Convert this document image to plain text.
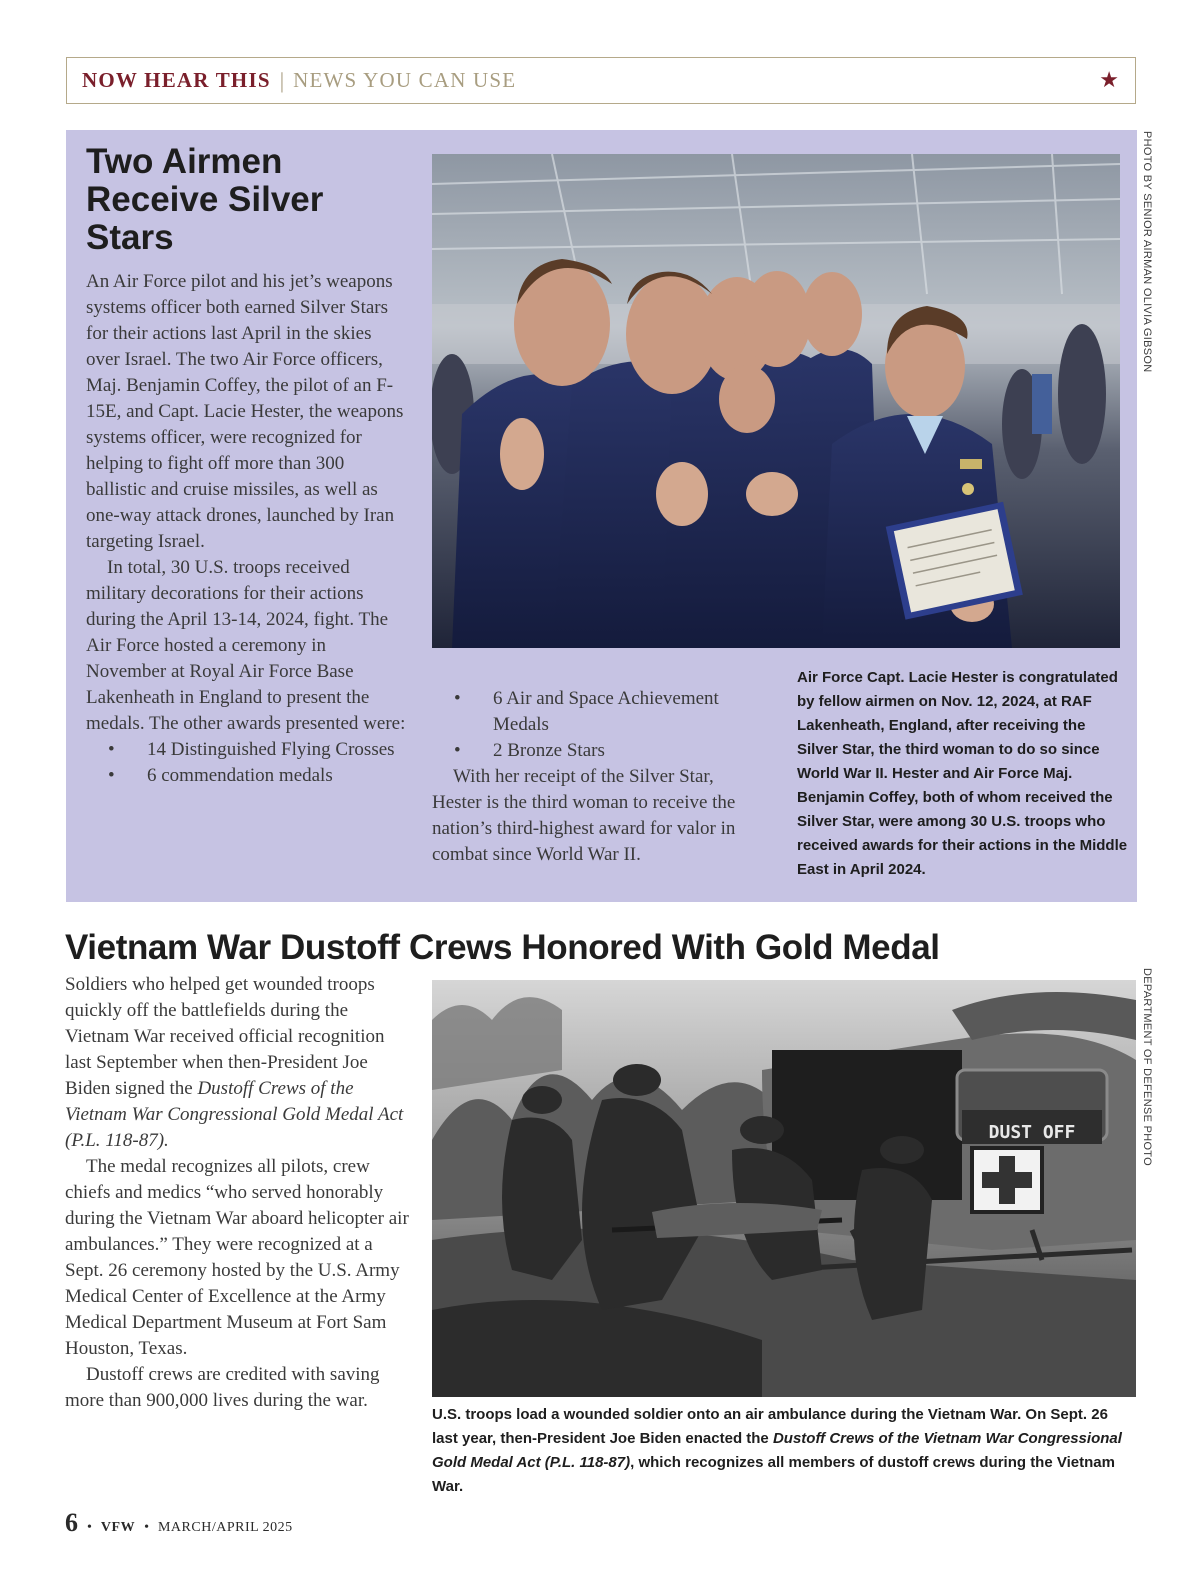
NOW HEAR THIS | NEWS YOU CAN USE	★
Two Airmen Receive Silver Stars

An Air Force pilot and his jet’s weapons systems officer both earned Silver Stars for their actions last April in the skies over Israel. The two Air Force officers, Maj. Benjamin Coffey, the pilot of an F-15E, and Capt. Lacie Hester, the weapons systems officer, were recognized for helping to fight off more than 300 ballistic and cruise missiles, as well as one-way attack drones, launched by Iran targeting Israel.

In total, 30 U.S. troops received military decorations for their actions during the April 13-14, 2024, fight. The Air Force hosted a ceremony in November at Royal Air Force Base Lakenheath in England to present the medals. The other awards presented were:

• 14 Distinguished Flying Crosses
• 6 commendation medals
• 6 Air and Space Achievement Medals
• 2 Bronze Stars

With her receipt of the Silver Star, Hester is the third woman to receive the nation’s third-highest award for valor in combat since World War II.

Air Force Capt. Lacie Hester is congratulated by fellow airmen on Nov. 12, 2024, at RAF Lakenheath, England, after receiving the Silver Star, the third woman to do so since World War II. Hester and Air Force Maj. Benjamin Coffey, both of whom received the Silver Star, were among 30 U.S. troops who received awards for their actions in the Middle East in April 2024.
PHOTO BY SENIOR AIRMAN OLIVIA GIBSON
Vietnam War Dustoff Crews Honored With Gold Medal

Soldiers who helped get wounded troops quickly off the battlefields during the Vietnam War received official recognition last September when then-President Joe Biden signed the Dustoff Crews of the Vietnam War Congressional Gold Medal Act (P.L. 118-87).

The medal recognizes all pilots, crew chiefs and medics “who served honorably during the Vietnam War aboard helicopter air ambulances.” They were recognized at a Sept. 26 ceremony hosted by the U.S. Army Medical Center of Excellence at the Army Medical Department Museum at Fort Sam Houston, Texas.

Dustoff crews are credited with saving more than 900,000 lives during the war.

DUST OFF	DEPARTMENT OF DEFENSE PHOTO
U.S. troops load a wounded soldier onto an air ambulance during the Vietnam War. On Sept. 26 last year, then-President Joe Biden enacted the Dustoff Crews of the Vietnam War Congressional Gold Medal Act (P.L. 118-87), which recognizes all members of dustoff crews during the Vietnam War.
6 • VFW • MARCH/APRIL 2025
